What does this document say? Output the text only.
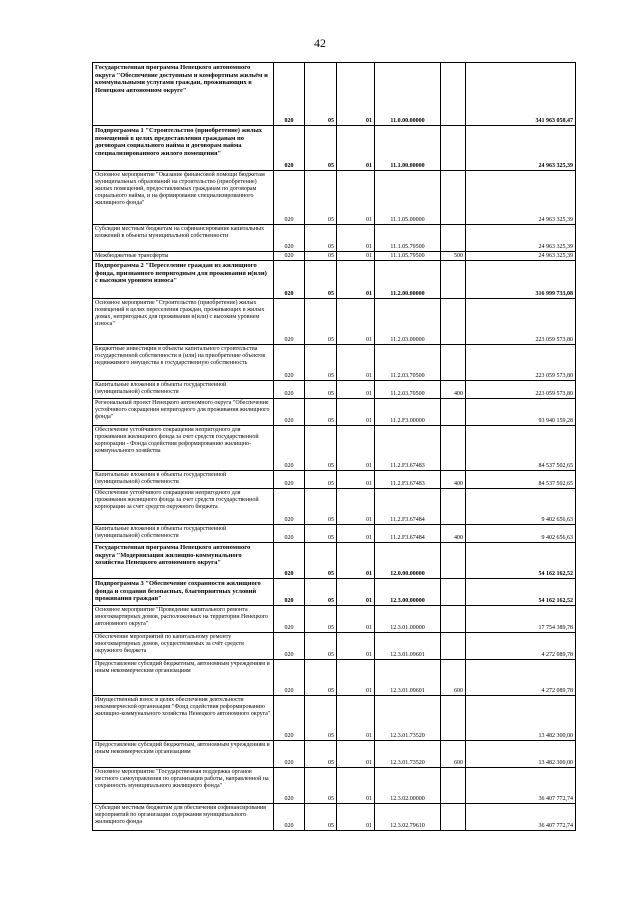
42
Государственная программа Ненецкого автономного округа "Обеспечение доступным и комфортным жильём и коммунальными услугами граждан, проживающих в Ненецком автономном округе"	020	05	01	11.0.00.00000		341 963 058,47
Подпрограмма 1 "Строительство (приобретение) жилых помещений в целях предоставления гражданам по договорам социального найма и договорам найма специализированного жилого помещения"	020	05	01	11.1.00.00000		24 963 325,39
Основное мероприятие "Оказание финансовой помощи бюджетам муниципальных образований на строительство (приобретение) жилых помещений, предоставляемых гражданам по договорам социального найма, и на формирование специализированного жилищного фонда"	020	05	01	11.1.05.00000		24 963 325,39
Субсидии местным бюджетам на софинансирование капитальных вложений в объекты муниципальной собственности	020	05	01	11.1.05.79500		24 963 325,39
Межбюджетные трансферты	020	05	01	11.1.05.79500	500	24 963 325,39
Подпрограмма 2 "Переселение граждан из жилищного фонда, признанного непригодным для проживания и(или) с высоким уровнем износа"	020	05	01	11.2.00.00000		316 999 733,08
Основное мероприятие "Строительство (приобретение) жилых помещений в целях переселения граждан, проживающих в жилых домах, непригодных для проживания и(или) с высоким уровнем износа"	020	05	01	11.2.03.00000		223 059 573,80
Бюджетные инвестиции в объекты капитального строительства государственной собственности и (или) на приобретение объектов недвижимого имущества в государственную собственность	020	05	01	11.2.03.70500		223 059 573,80
Капитальные вложения в объекты государственной (муниципальной) собственности	020	05	01	11.2.03.70500	400	223 059 573,80
Региональный проект Ненецкого автономного округа "Обеспечение устойчивого сокращения непригодного для проживания жилищного фонда"	020	05	01	11.2.F3.00000		93 940 159,28
Обеспечение устойчивого сокращения непригодного для проживания жилищного фонда за счет средств государственной корпорации - Фонда содействия реформированию жилищно-коммунального хозяйства	020	05	01	11.2.F3.67483		84 537 502,65
Капитальные вложения в объекты государственной (муниципальной) собственности	020	05	01	11.2.F3.67483	400	84 537 502,65
Обеспечение устойчивого сокращения непригодного для проживания жилищного фонда за счет средств государственной корпорации за счет средств окружного бюджета	020	05	01	11.2.F3.67484		9 402 656,63
Капитальные вложения в объекты государственной (муниципальной) собственности	020	05	01	11.2.F3.67484	400	9 402 656,63
Государственная программа Ненецкого автономного округа "Модернизация жилищно-коммунального хозяйства Ненецкого автономного округа"	020	05	01	12.0.00.00000		54 162 162,52
Подпрограмма 3 "Обеспечение сохранности жилищного фонда и создания безопасных, благоприятных условий проживания граждан"	020	05	01	12.3.00.00000		54 162 162,52
Основное мероприятие "Проведение капитального ремонта многоквартирных домов, расположенных на территории Ненецкого автономного округа"	020	05	01	12.3.01.00000		17 754 389,78
Обеспечение мероприятий по капитальному ремонту многоквартирных домов, осуществляемых за счёт средств окружного бюджета	020	05	01	12.3.01.09601		4 272 089,78
Предоставление субсидий бюджетным, автономным учреждениям и иным некоммерческим организациям	020	05	01	12.3.01.09601	600	4 272 089,78
Имущественный взнос в целях обеспечения деятельности некоммерческой организации "Фонд содействия реформированию жилищно-коммунального хозяйства Ненецкого автономного округа"	020	05	01	12.3.01.73520		13 482 300,00
Предоставление субсидий бюджетным, автономным учреждениям и иным некоммерческим организациям	020	05	01	12.3.01.73520	600	13 482 300,00
Основное мероприятие "Государственная поддержка органов местного самоуправления по организации работы, направленной на сохранность муниципального жилищного фонда"	020	05	01	12.3.02.00000		36 407 772,74
Субсидии местным бюджетам для обеспечения софинансирования мероприятий по организации содержания муниципального жилищного фонда	020	05	01	12.3.02.79610		36 407 772,74
